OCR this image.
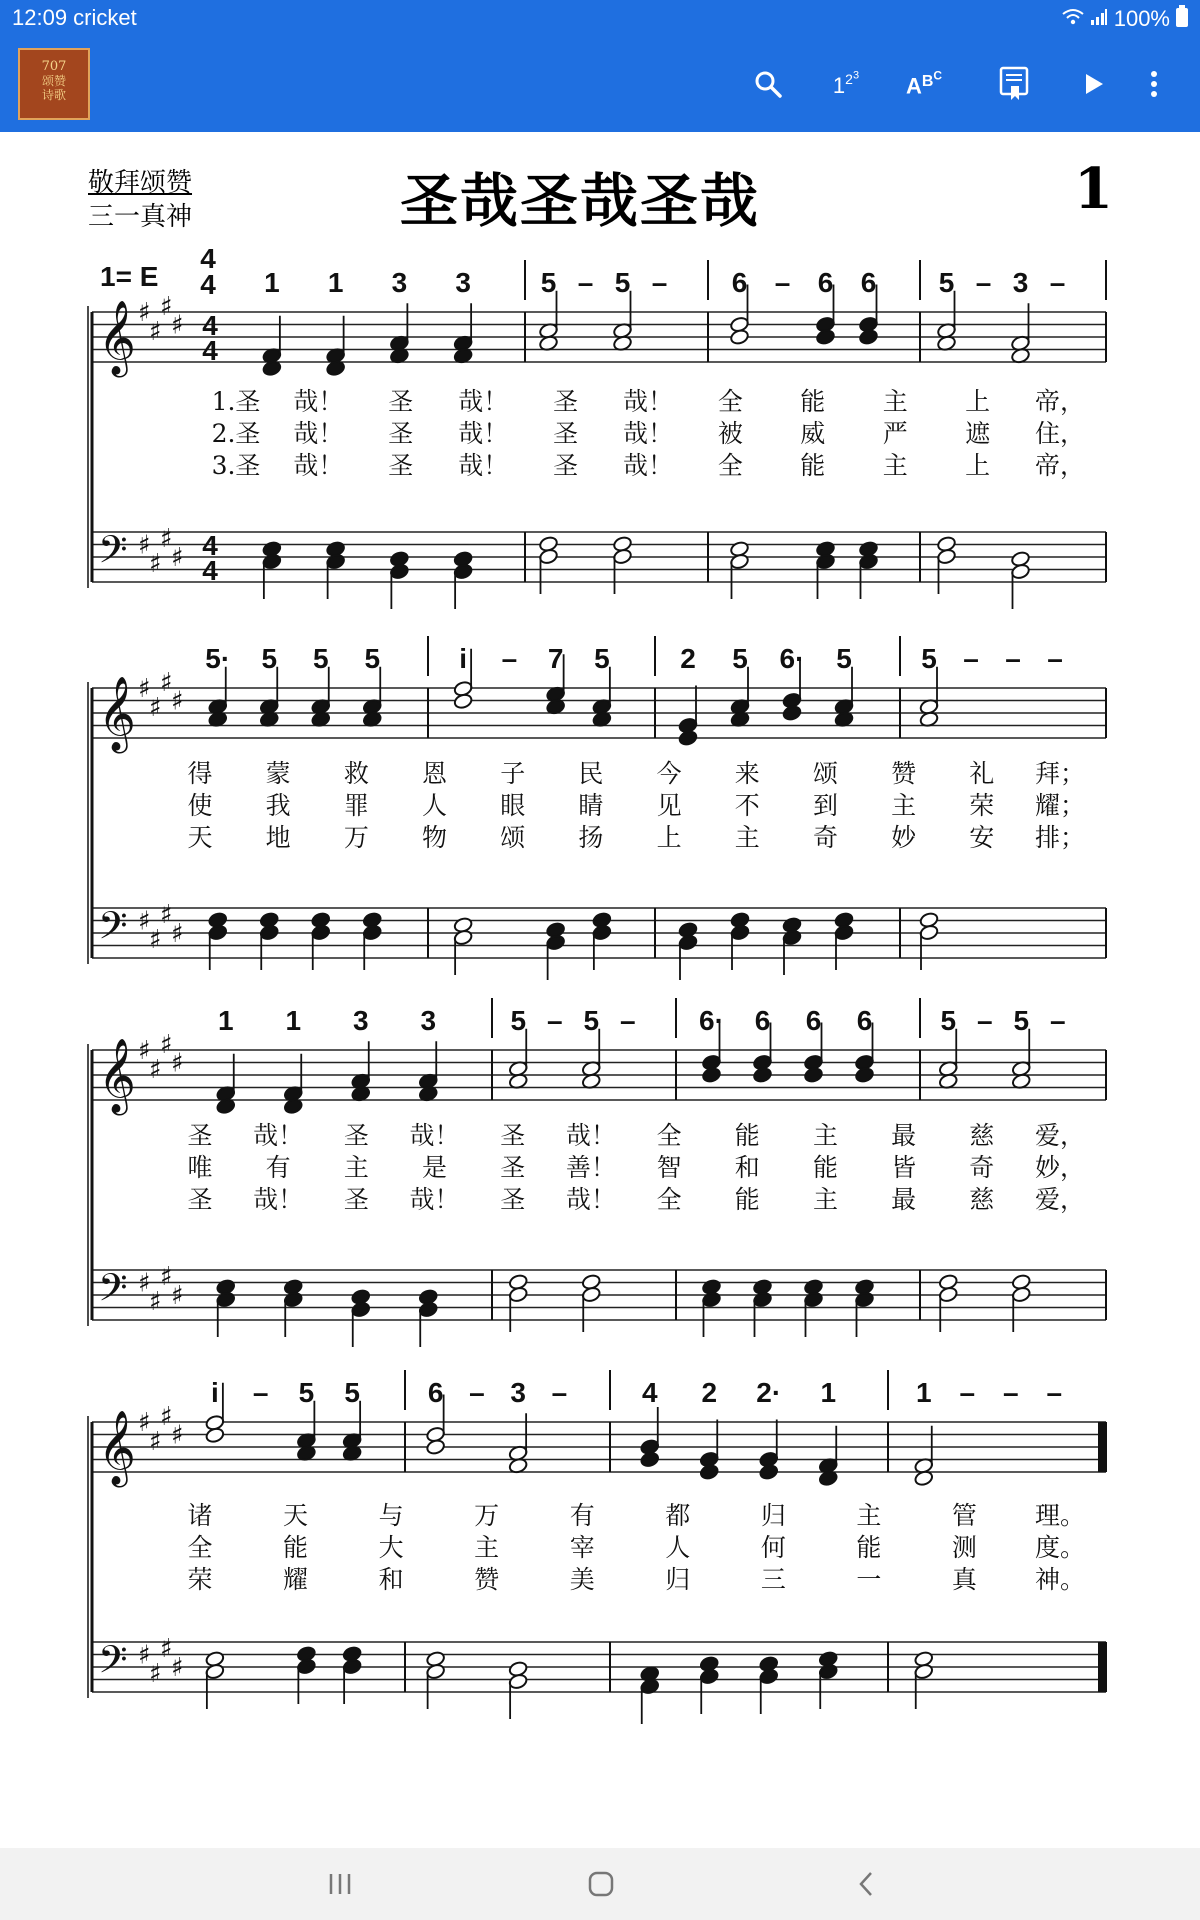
12:09 cricket	100%
707
颂赞
诗歌	$1^{2^3}$ $A^{B^C}$
敬拜颂赞
三一真神	圣哉圣哉圣哉	1
1= E
4
4 1 1 3 3 5 – 5 – 6 – 6 6 5 – 3 –
𝄞
𝄢
♯
♯
♯
♯
♯
♯
♯
♯
4
4
4
4
1.圣 哉！ 圣 哉！ 圣 哉！ 全 能 主 上 帝，
2.圣 哉！ 圣 哉！ 圣 哉！ 被 威 严 遮 住，
3.圣 哉！ 圣 哉！ 圣 哉！ 全 能 主 上 帝，
5· 5 5 5	i – 7 5	2 5 6· 5 5 – – –
𝄞
𝄢
♯
♯
♯
♯
♯
♯
♯
♯
得 蒙 救 恩 子 民 今 来 颂 赞 礼 拜；
使 我 罪 人 眼 睛 见 不 到 主 荣 耀；
天 地 万 物 颂 扬 上 主 奇 妙 安 排；
1 1 3 3	5 – 5 – 6· 6 6 6 5 – 5 –
𝄞
𝄢
♯
♯
♯
♯
♯
♯
♯
♯
圣 哉！ 圣 哉！ 圣 哉！ 全 能 主 最 慈 爱，
唯 有 主 是 圣 善！ 智 和 能 皆 奇 妙，
圣 哉！ 圣 哉！ 圣 哉！ 全 能 主 最 慈 爱，
i – 5 5 6 – 3 –	4 2 2· 1	1 – – –
𝄞
𝄢
♯
♯
♯
♯
♯
♯
♯
♯
诸	天	与	万	有	都	归	主	管 理。
全	能	大	主	宰	人	何	能	测 度。
荣	耀	和	赞	美	归	三	一	真 神。
